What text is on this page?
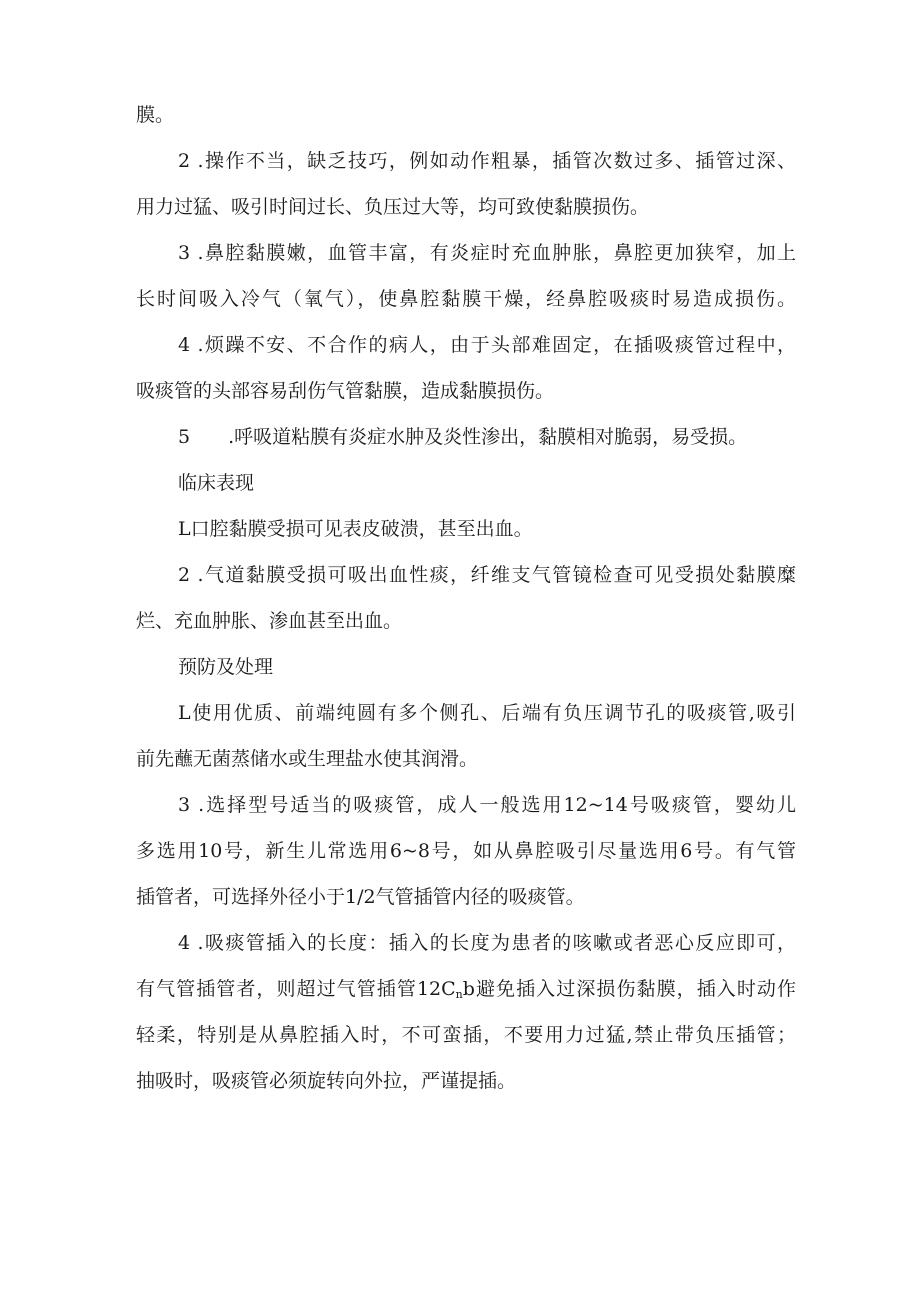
膜。
2 .操作不当，缺乏技巧，例如动作粗暴，插管次数过多、插管过深、
用力过猛、吸引时间过长、负压过大等，均可致使黏膜损伤。
3 .鼻腔黏膜嫩，血管丰富，有炎症时充血肿胀，鼻腔更加狭窄，加上
长时间吸入冷气（氧气），使鼻腔黏膜干燥，经鼻腔吸痰时易造成损伤。
4 .烦躁不安、不合作的病人，由于头部难固定，在插吸痰管过程中，
吸痰管的头部容易刮伤气管黏膜，造成黏膜损伤。
5　　.呼吸道粘膜有炎症水肿及炎性渗出，黏膜相对脆弱，易受损。
临床表现
L口腔黏膜受损可见表皮破溃，甚至出血。
2 .气道黏膜受损可吸出血性痰，纤维支气管镜检查可见受损处黏膜糜
烂、充血肿胀、渗血甚至出血。
预防及处理
L使用优质、前端纯圆有多个侧孔、后端有负压调节孔的吸痰管,吸引
前先蘸无菌蒸储水或生理盐水使其润滑。
3 .选择型号适当的吸痰管，成人一般选用12~14号吸痰管，婴幼儿
多选用10号，新生儿常选用6~8号，如从鼻腔吸引尽量选用6号。有气管
插管者，可选择外径小于1/2气管插管内径的吸痰管。
4 .吸痰管插入的长度：插入的长度为患者的咳嗽或者恶心反应即可，
有气管插管者，则超过气管插管$12C_nb$避免插入过深损伤黏膜，插入时动作
轻柔，特别是从鼻腔插入时，不可蛮插，不要用力过猛,禁止带负压插管；
抽吸时，吸痰管必须旋转向外拉，严谨提插。
